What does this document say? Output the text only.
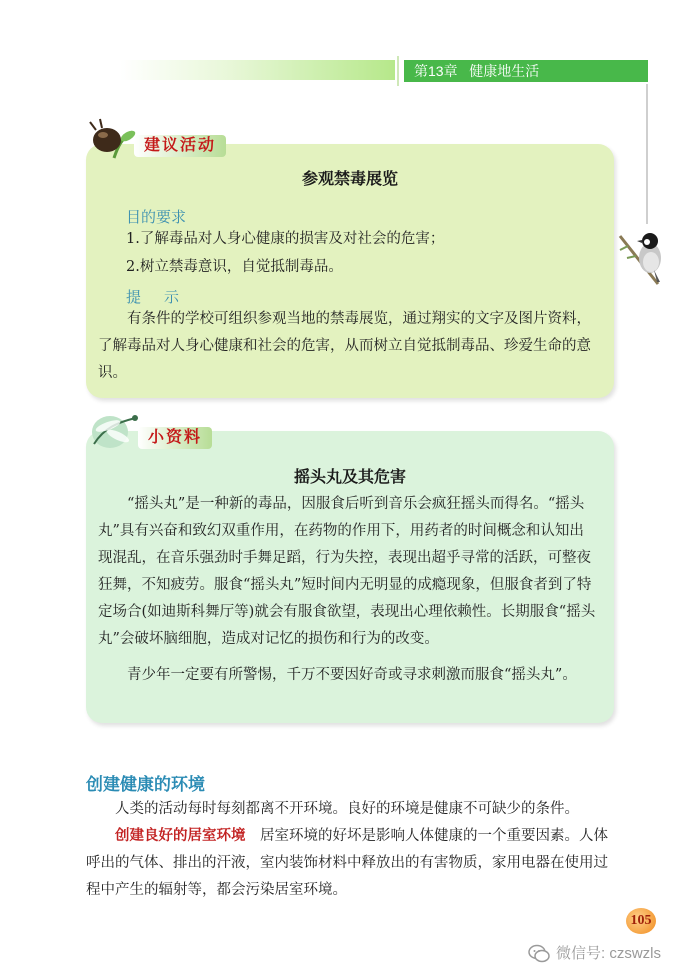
第13章   健康地生活
参观禁毒展览
目的要求
1.了解毒品对人身心健康的损害及对社会的危害；
2.树立禁毒意识，自觉抵制毒品。
提　示

有条件的学校可组织参观当地的禁毒展览，通过翔实的文字及图片资料，了解毒品对人身心健康和社会的危害，从而树立自觉抵制毒品、珍爱生命的意识。

建议活动
摇头丸及其危害

“摇头丸”是一种新的毒品，因服食后听到音乐会疯狂摇头而得名。“摇头丸”具有兴奋和致幻双重作用，在药物的作用下，用药者的时间概念和认知出现混乱，在音乐强劲时手舞足蹈，行为失控，表现出超乎寻常的活跃，可整夜狂舞，不知疲劳。服食“摇头丸”短时间内无明显的成瘾现象，但服食者到了特定场合(如迪斯科舞厅等)就会有服食欲望，表现出心理依赖性。长期服食“摇头丸”会破坏脑细胞，造成对记忆的损伤和行为的改变。

青少年一定要有所警惕，千万不要因好奇或寻求刺激而服食“摇头丸”。

小资料
创建健康的环境

人类的活动每时每刻都离不开环境。良好的环境是健康不可缺少的条件。

创建良好的居室环境　 居室环境的好坏是影响人体健康的一个重要因素。人体呼出的气体、排出的汗液，室内装饰材料中释放出的有害物质，家用电器在使用过程中产生的辐射等，都会污染居室环境。

105
微信号: czswzls
